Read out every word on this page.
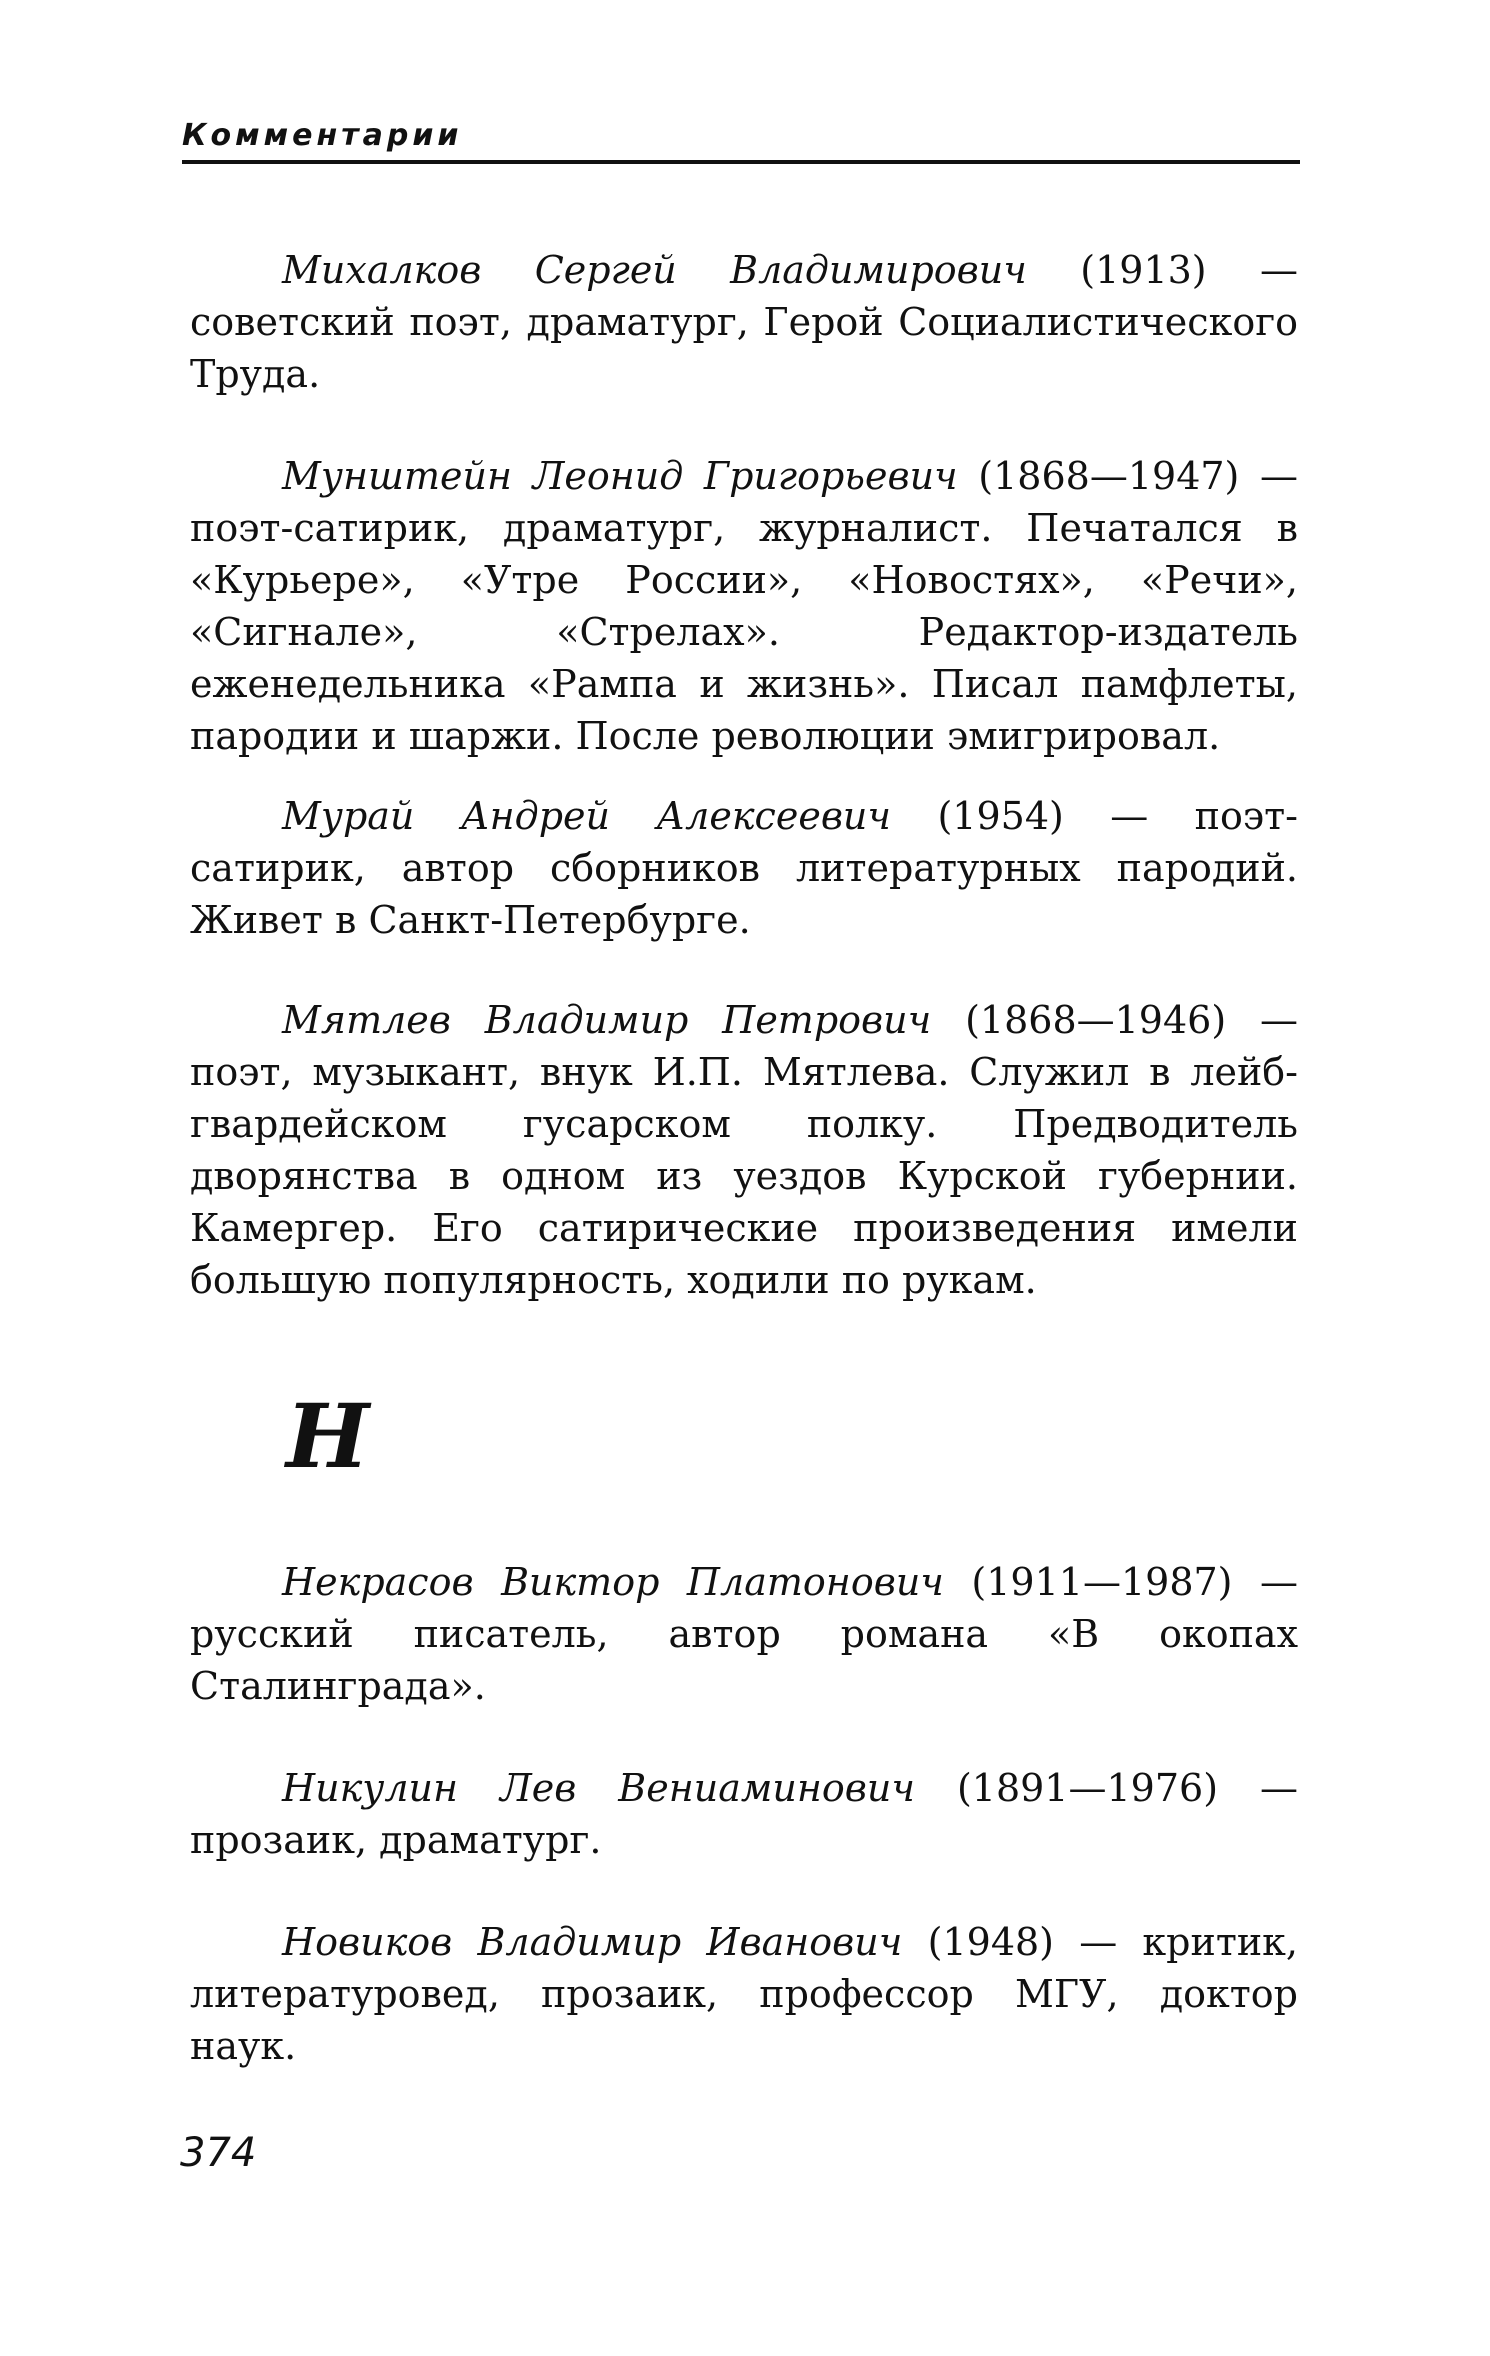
Комментарии

Михалков Сергей Владимирович (1913) — советский поэт, драматург, Герой Социалистического Труда.

Мунштейн Леонид Григорьевич (1868—1947) — поэт-сатирик, драматург, журналист. Печатался в «Курьере», «Утре России», «Новостях», «Речи», «Сигнале», «Стрелах». Редактор-издатель еженедельника «Рампа и жизнь». Писал памфлеты, пародии и шаржи. После революции эмигрировал.

Мурай Андрей Алексеевич (1954) — поэт-сатирик, автор сборников литературных пародий. Живет в Санкт-Петербурге.

Мятлев Владимир Петрович (1868—1946) — поэт, музыкант, внук И.П. Мятлева. Служил в лейб-гвардейском гусарском полку. Предводитель дворянства в одном из уездов Курской губернии. Камергер. Его сатирические произведения имели большую популярность, ходили по рукам.

Н

Некрасов Виктор Платонович (1911—1987) — русский писатель, автор романа «В окопах Сталинграда».

Никулин Лев Вениаминович (1891—1976) — прозаик, драматург.

Новиков Владимир Иванович (1948) — критик, литературовед, прозаик, профессор МГУ, доктор наук.

374
